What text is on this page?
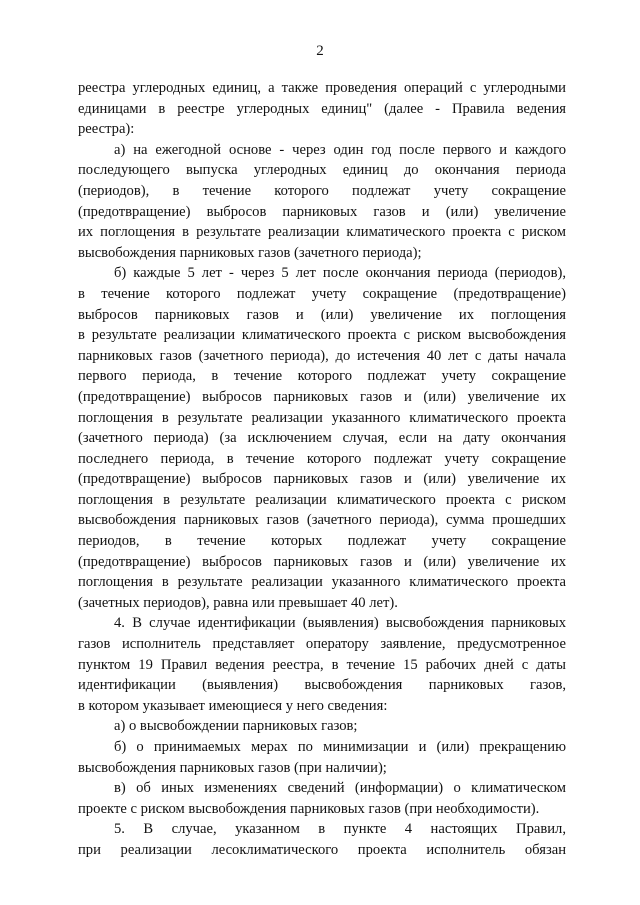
2
реестра углеродных единиц, а также проведения операций с углеродными
единицами в реестре углеродных единиц" (далее - Правила ведения
реестра):
а) на ежегодной основе - через один год после первого и каждого
последующего выпуска углеродных единиц до окончания периода
(периодов), в течение которого подлежат учету сокращение
(предотвращение) выбросов парниковых газов и (или) увеличение
их поглощения в результате реализации климатического проекта с риском
высвобождения парниковых газов (зачетного периода);
б) каждые 5 лет - через 5 лет после окончания периода (периодов),
в течение которого подлежат учету сокращение (предотвращение)
выбросов парниковых газов и (или) увеличение их поглощения
в результате реализации климатического проекта с риском высвобождения
парниковых газов (зачетного периода), до истечения 40 лет с даты начала
первого периода, в течение которого подлежат учету сокращение
(предотвращение) выбросов парниковых газов и (или) увеличение их
поглощения в результате реализации указанного климатического проекта
(зачетного периода) (за исключением случая, если на дату окончания
последнего периода, в течение которого подлежат учету сокращение
(предотвращение) выбросов парниковых газов и (или) увеличение их
поглощения в результате реализации климатического проекта с риском
высвобождения парниковых газов (зачетного периода), сумма прошедших
периодов, в течение которых подлежат учету сокращение
(предотвращение) выбросов парниковых газов и (или) увеличение их
поглощения в результате реализации указанного климатического проекта
(зачетных периодов), равна или превышает 40 лет).
4. В случае идентификации (выявления) высвобождения парниковых
газов исполнитель представляет оператору заявление, предусмотренное
пунктом 19 Правил ведения реестра, в течение 15 рабочих дней с даты
идентификации (выявления) высвобождения парниковых газов,
в котором указывает имеющиеся у него сведения:
а) о высвобождении парниковых газов;
б) о принимаемых мерах по минимизации и (или) прекращению
высвобождения парниковых газов (при наличии);
в) об иных изменениях сведений (информации) о климатическом
проекте с риском высвобождения парниковых газов (при необходимости).
5. В случае, указанном в пункте 4 настоящих Правил,
при реализации лесоклиматического проекта исполнитель обязан
